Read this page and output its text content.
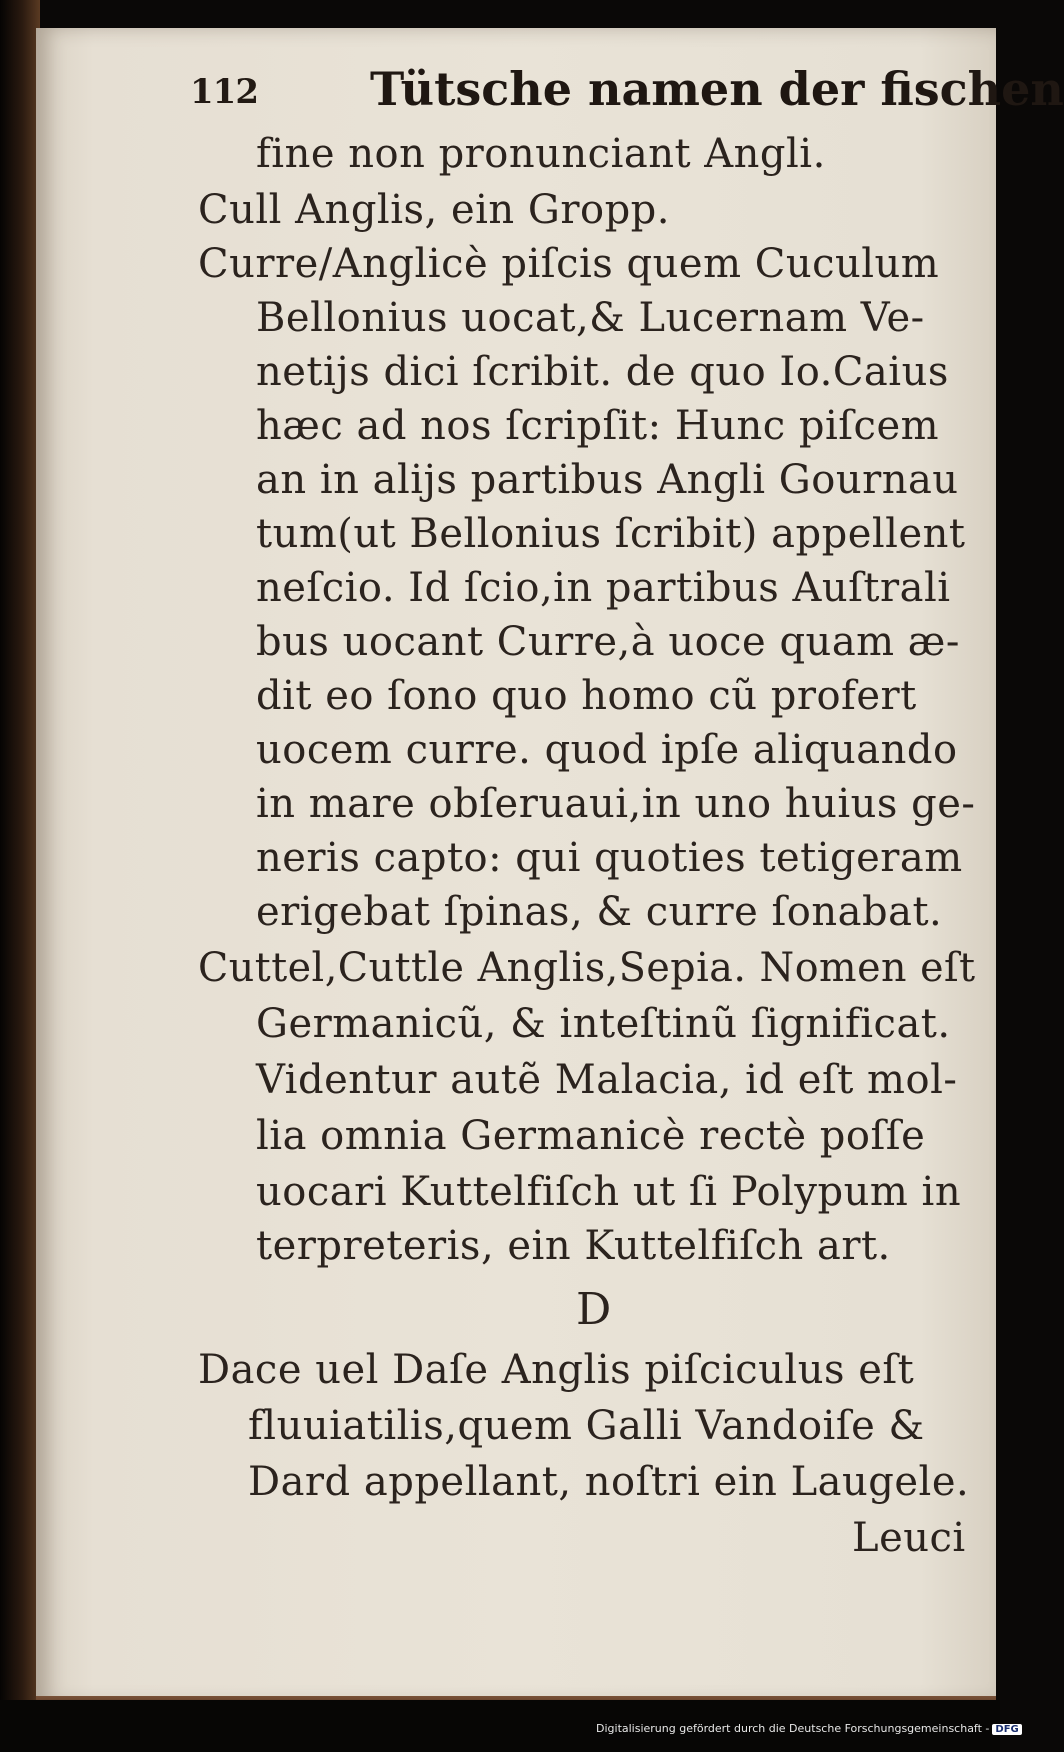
112 Tütsche namen der fischen
fine non pronunciant Angli.
Cull Anglis, ein Gropp.
Curre/Anglicè piſcis quem Cuculum
Bellonius uocat,& Lucernam Ve-
netijs dici ſcribit. de quo Io.Caius
hæc ad nos ſcripſit: Hunc piſcem
an in alijs partibus Angli Gournau
tum(ut Bellonius ſcribit) appellent
neſcio. Id ſcio,in partibus Auſtrali
bus uocant Curre,à uoce quam æ-
dit eo ſono quo homo cũ profert
uocem curre. quod ipſe aliquando
in mare obſeruaui,in uno huius ge-
neris capto: qui quoties tetigeram
erigebat ſpinas, & curre ſonabat.
Cuttel,Cuttle Anglis,Sepia. Nomen eſt
Germanicũ, & inteſtinũ ſignificat.
Videntur autẽ Malacia, id eſt mol-
lia omnia Germanicè rectè poſſe
uocari Kuttelfiſch ut ſi Polypum in
terpreteris, ein Kuttelfiſch art.
D
Dace uel Daſe Anglis piſciculus eſt
fluuiatilis,quem Galli Vandoiſe &
Dard appellant, noſtri ein Laugele.
Leuci
Digitalisierung gefördert durch die Deutsche Forschungsgemeinschaft - DFG
